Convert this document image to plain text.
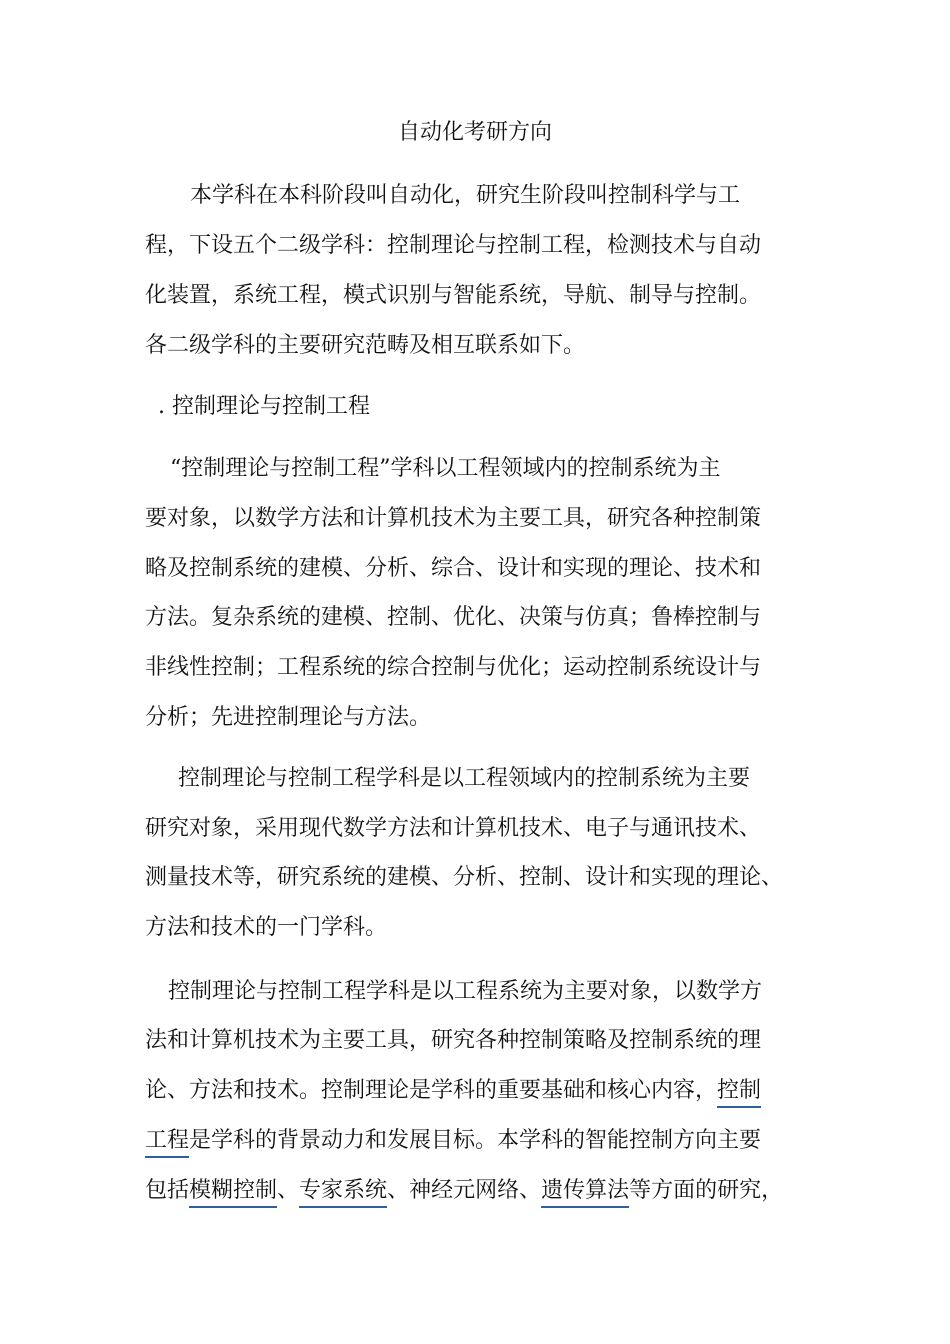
自动化考研方向
本学科在本科阶段叫自动化，研究生阶段叫控制科学与工
程，下设五个二级学科：控制理论与控制工程，检测技术与自动
化装置，系统工程，模式识别与智能系统，导航、制导与控制。
各二级学科的主要研究范畴及相互联系如下。
. 控制理论与控制工程
“控制理论与控制工程”学科以工程领域内的控制系统为主
要对象，以数学方法和计算机技术为主要工具，研究各种控制策
略及控制系统的建模、分析、综合、设计和实现的理论、技术和
方法。复杂系统的建模、控制、优化、决策与仿真；鲁棒控制与
非线性控制；工程系统的综合控制与优化；运动控制系统设计与
分析；先进控制理论与方法。
控制理论与控制工程学科是以工程领域内的控制系统为主要
研究对象，采用现代数学方法和计算机技术、电子与通讯技术、
测量技术等，研究系统的建模、分析、控制、设计和实现的理论、
方法和技术的一门学科。
控制理论与控制工程学科是以工程系统为主要对象，以数学方
法和计算机技术为主要工具，研究各种控制策略及控制系统的理
论、方法和技术。控制理论是学科的重要基础和核心内容，控制
工程是学科的背景动力和发展目标。本学科的智能控制方向主要
包括模糊控制、专家系统、神经元网络、遗传算法等方面的研究，
